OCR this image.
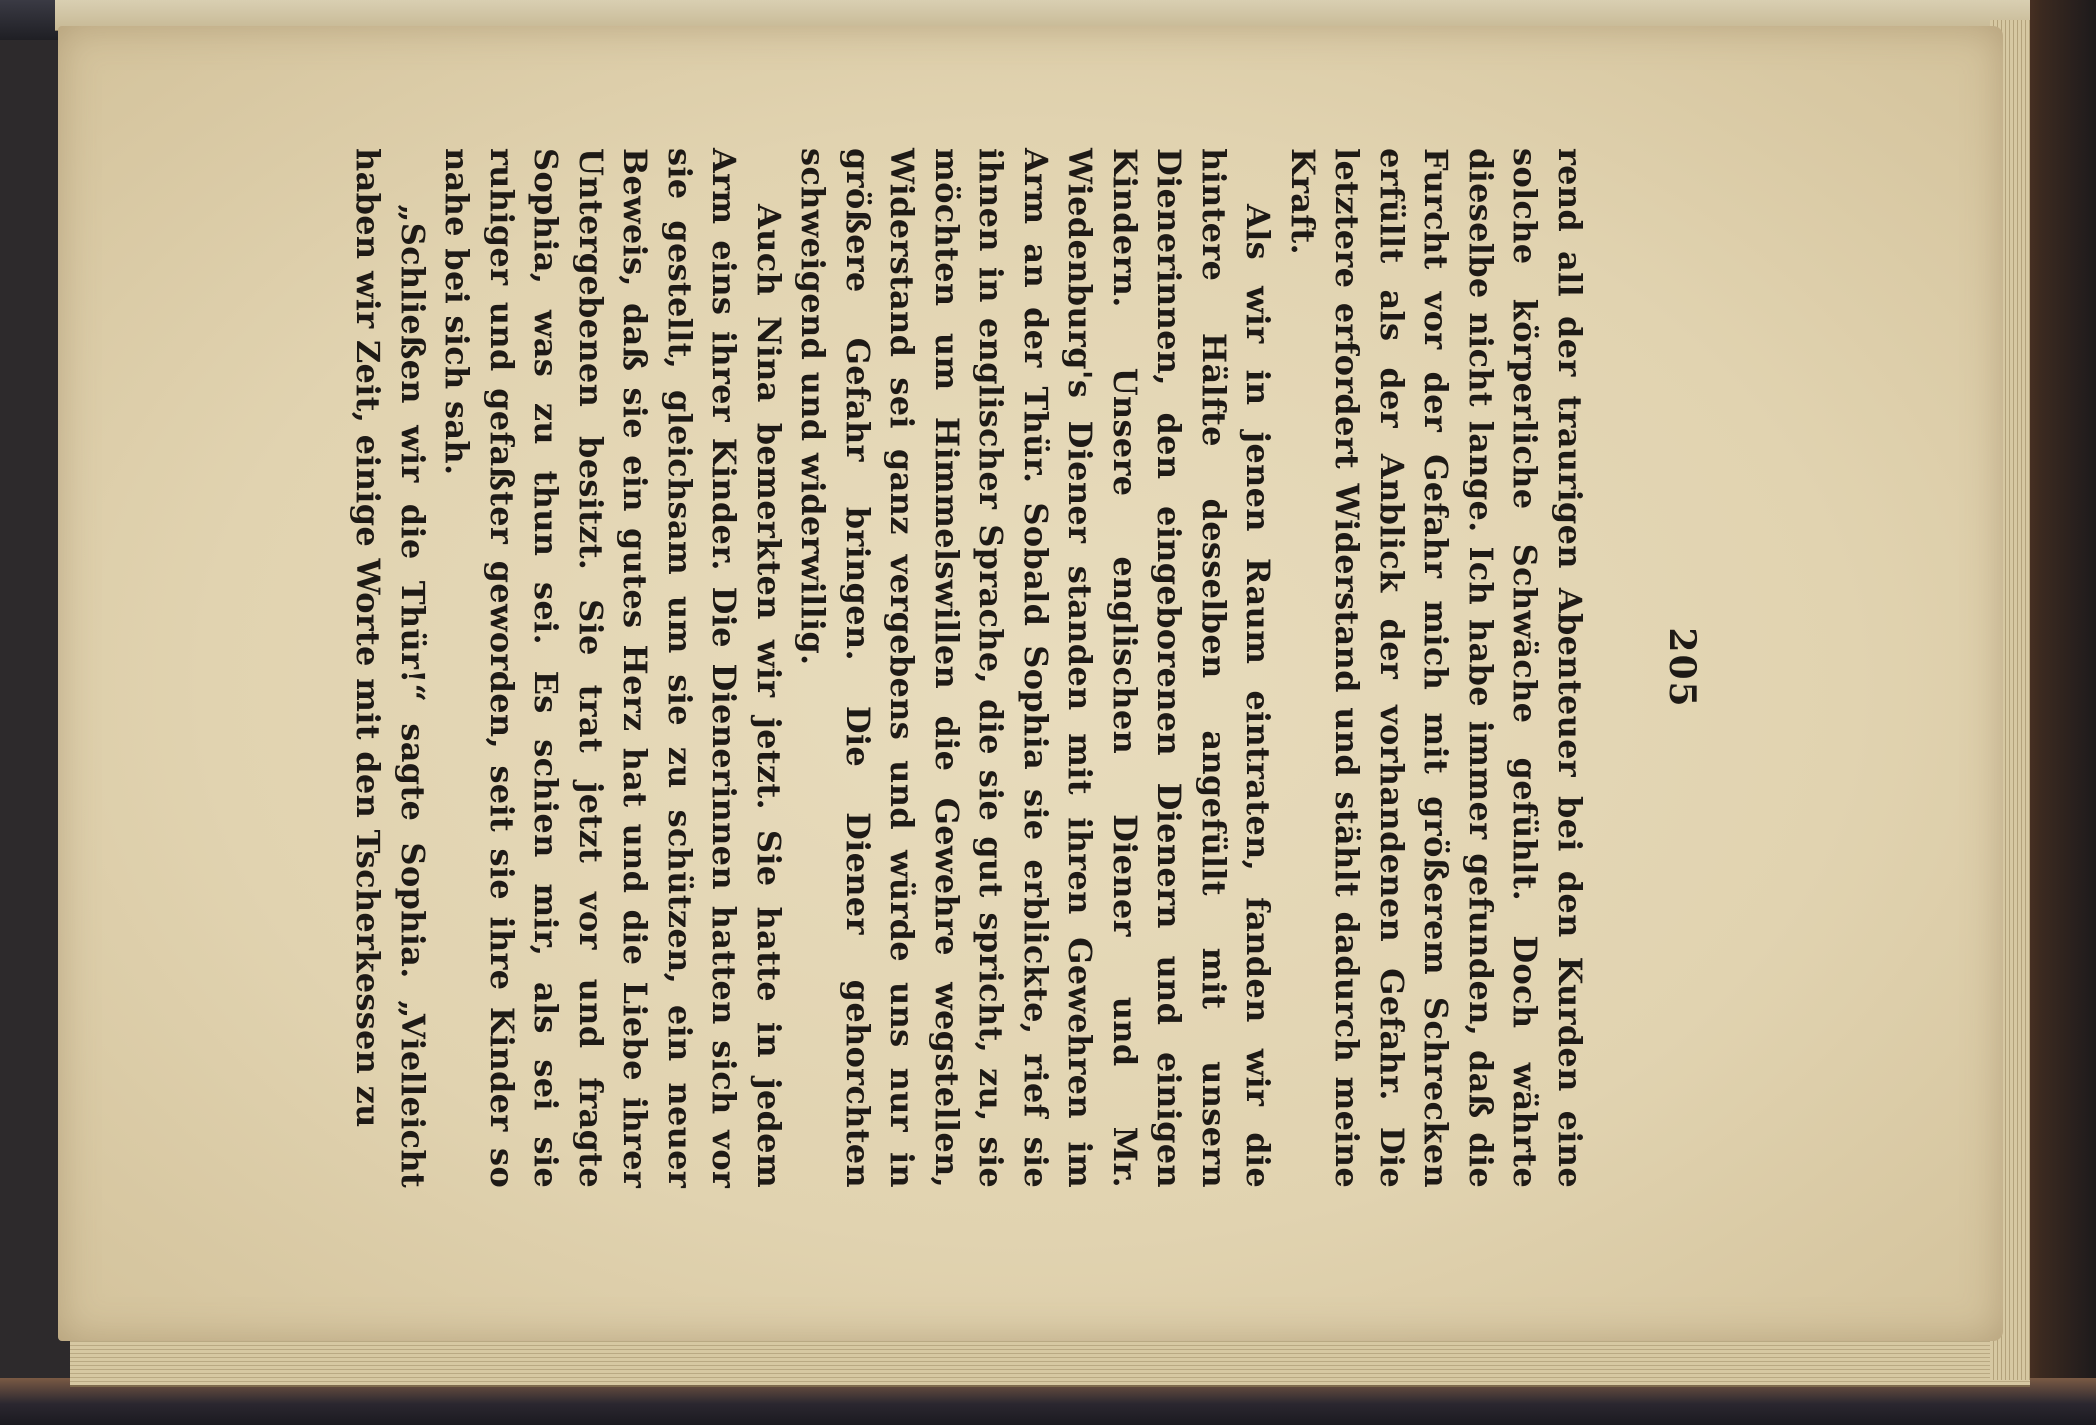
205

rend all der traurigen Abenteuer bei den Kurden eine solche körperliche Schwäche gefühlt. Doch währte dieselbe nicht lange. Ich habe immer gefunden, daß die Furcht vor der Gefahr mich mit größerem Schrecken erfüllt als der Anblick der vorhandenen Gefahr. Die letztere erfordert Widerstand und stählt dadurch meine Kraft.

Als wir in jenen Raum eintraten, fanden wir die hintere Hälfte desselben angefüllt mit unsern Dienerinnen, den eingeborenen Dienern und einigen Kindern. Unsere englischen Diener und Mr. Wiedenburg's Diener standen mit ihren Gewehren im Arm an der Thür. Sobald Sophia sie erblickte, rief sie ihnen in englischer Sprache, die sie gut spricht, zu, sie möchten um Himmelswillen die Gewehre wegstellen, Widerstand sei ganz vergebens und würde uns nur in größere Gefahr bringen. Die Diener gehorchten schweigend und widerwillig.

Auch Nina bemerkten wir jetzt. Sie hatte in jedem Arm eins ihrer Kinder. Die Dienerinnen hatten sich vor sie gestellt, gleichsam um sie zu schützen, ein neuer Beweis, daß sie ein gutes Herz hat und die Liebe ihrer Untergebenen besitzt. Sie trat jetzt vor und fragte Sophia, was zu thun sei. Es schien mir, als sei sie ruhiger und gefaßter geworden, seit sie ihre Kinder so nahe bei sich sah.

„Schließen wir die Thür!“ sagte Sophia. „Vielleicht haben wir Zeit, einige Worte mit den Tscherkessen zu
